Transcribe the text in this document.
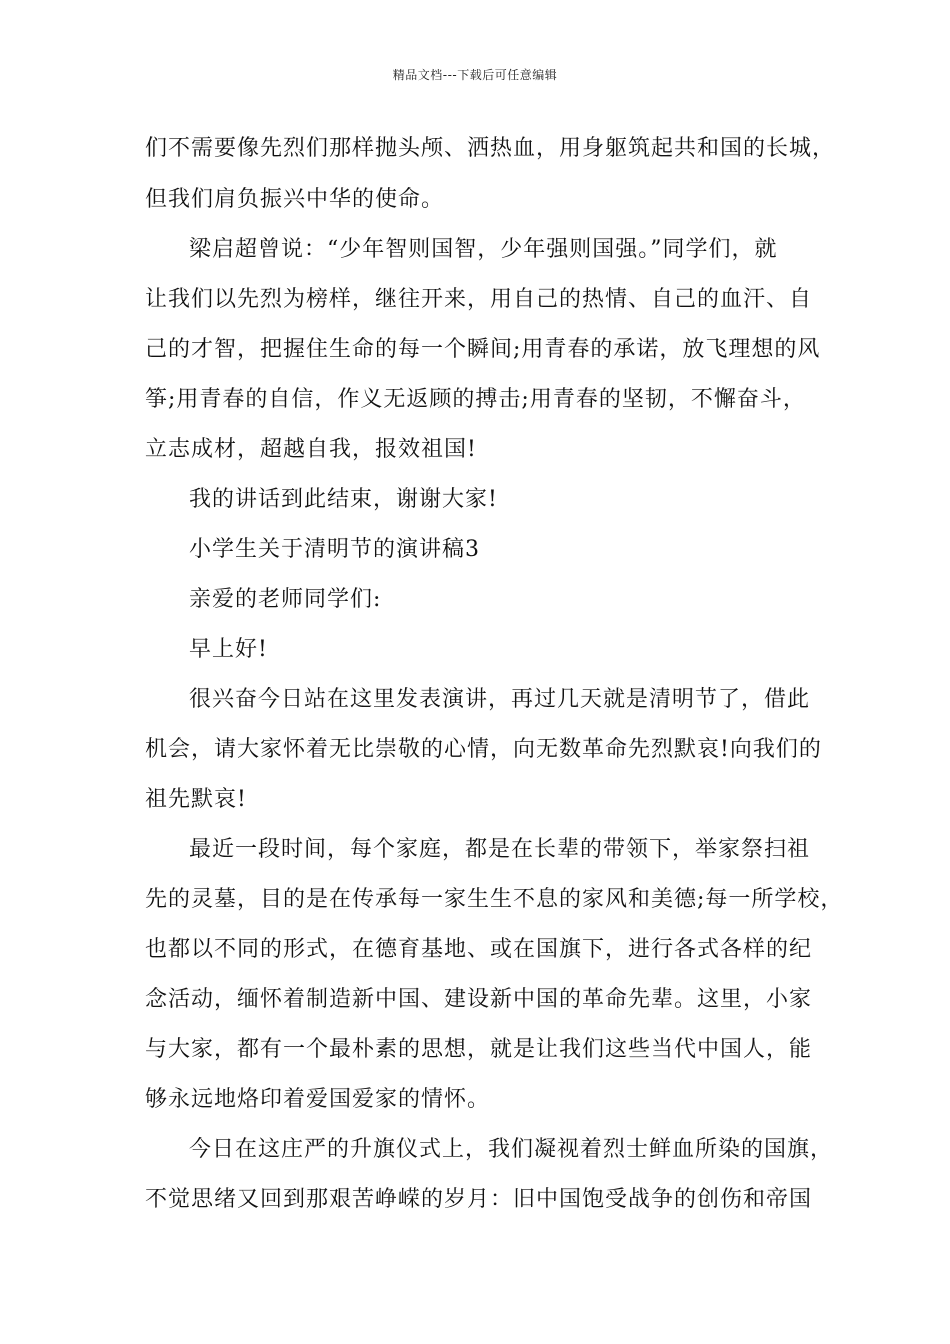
精品文档---下载后可任意编辑
们不需要像先烈们那样抛头颅、洒热血，用身躯筑起共和国的长城，
但我们肩负振兴中华的使命。
梁启超曾说：“少年智则国智，少年强则国强。”同学们，就
让我们以先烈为榜样，继往开来，用自己的热情、自己的血汗、自
己的才智，把握住生命的每一个瞬间;用青春的承诺，放飞理想的风
筝;用青春的自信，作义无返顾的搏击;用青春的坚韧，不懈奋斗，
立志成材，超越自我，报效祖国!
我的讲话到此结束，谢谢大家!
小学生关于清明节的演讲稿3
亲爱的老师同学们:
早上好!
很兴奋今日站在这里发表演讲，再过几天就是清明节了，借此
机会，请大家怀着无比崇敬的心情，向无数革命先烈默哀!向我们的
祖先默哀!
最近一段时间，每个家庭，都是在长辈的带领下，举家祭扫祖
先的灵墓，目的是在传承每一家生生不息的家风和美德;每一所学校，
也都以不同的形式，在德育基地、或在国旗下，进行各式各样的纪
念活动，缅怀着制造新中国、建设新中国的革命先辈。这里，小家
与大家，都有一个最朴素的思想，就是让我们这些当代中国人，能
够永远地烙印着爱国爱家的情怀。
今日在这庄严的升旗仪式上，我们凝视着烈士鲜血所染的国旗，
不觉思绪又回到那艰苦峥嵘的岁月：旧中国饱受战争的创伤和帝国
